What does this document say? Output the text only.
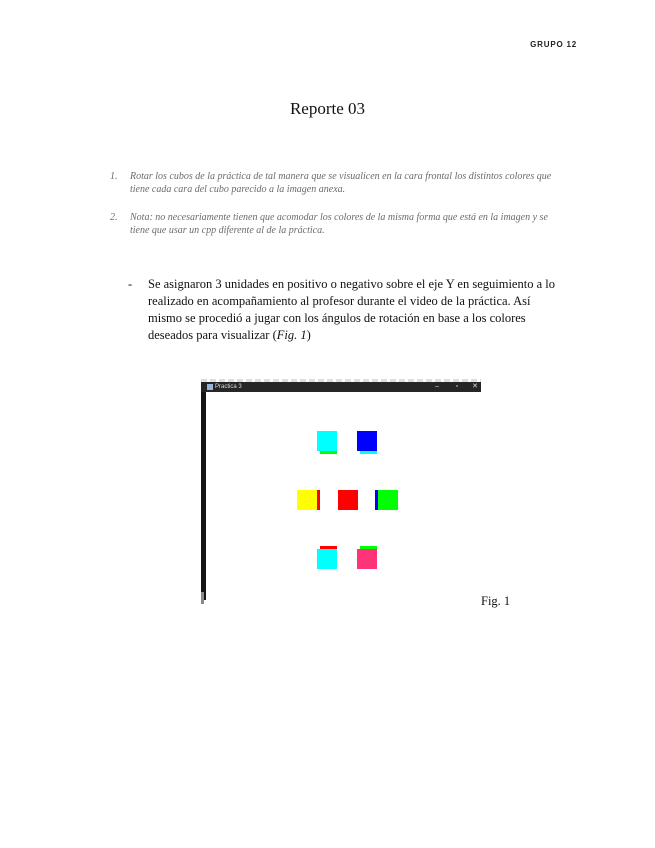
GRUPO 12
Reporte 03
1.	Rotar los cubos de la práctica de tal manera que se visualicen en la cara frontal los distintos colores que tiene cada cara del cubo parecido a la imagen anexa.
2.	Nota: no necesariamente tienen que acomodar los colores de la misma forma que está en la imagen y se tiene que usar un cpp diferente al de la práctica.
-	Se asignaron 3 unidades en positivo o negativo sobre el eje Y en seguimiento a lo realizado en acompañamiento al profesor durante el video de la práctica. Así mismo se procedió a jugar con los ángulos de rotación en base a los colores deseados para visualizar (Fig. 1)
Practica 3	–	▫	✕
Fig. 1
